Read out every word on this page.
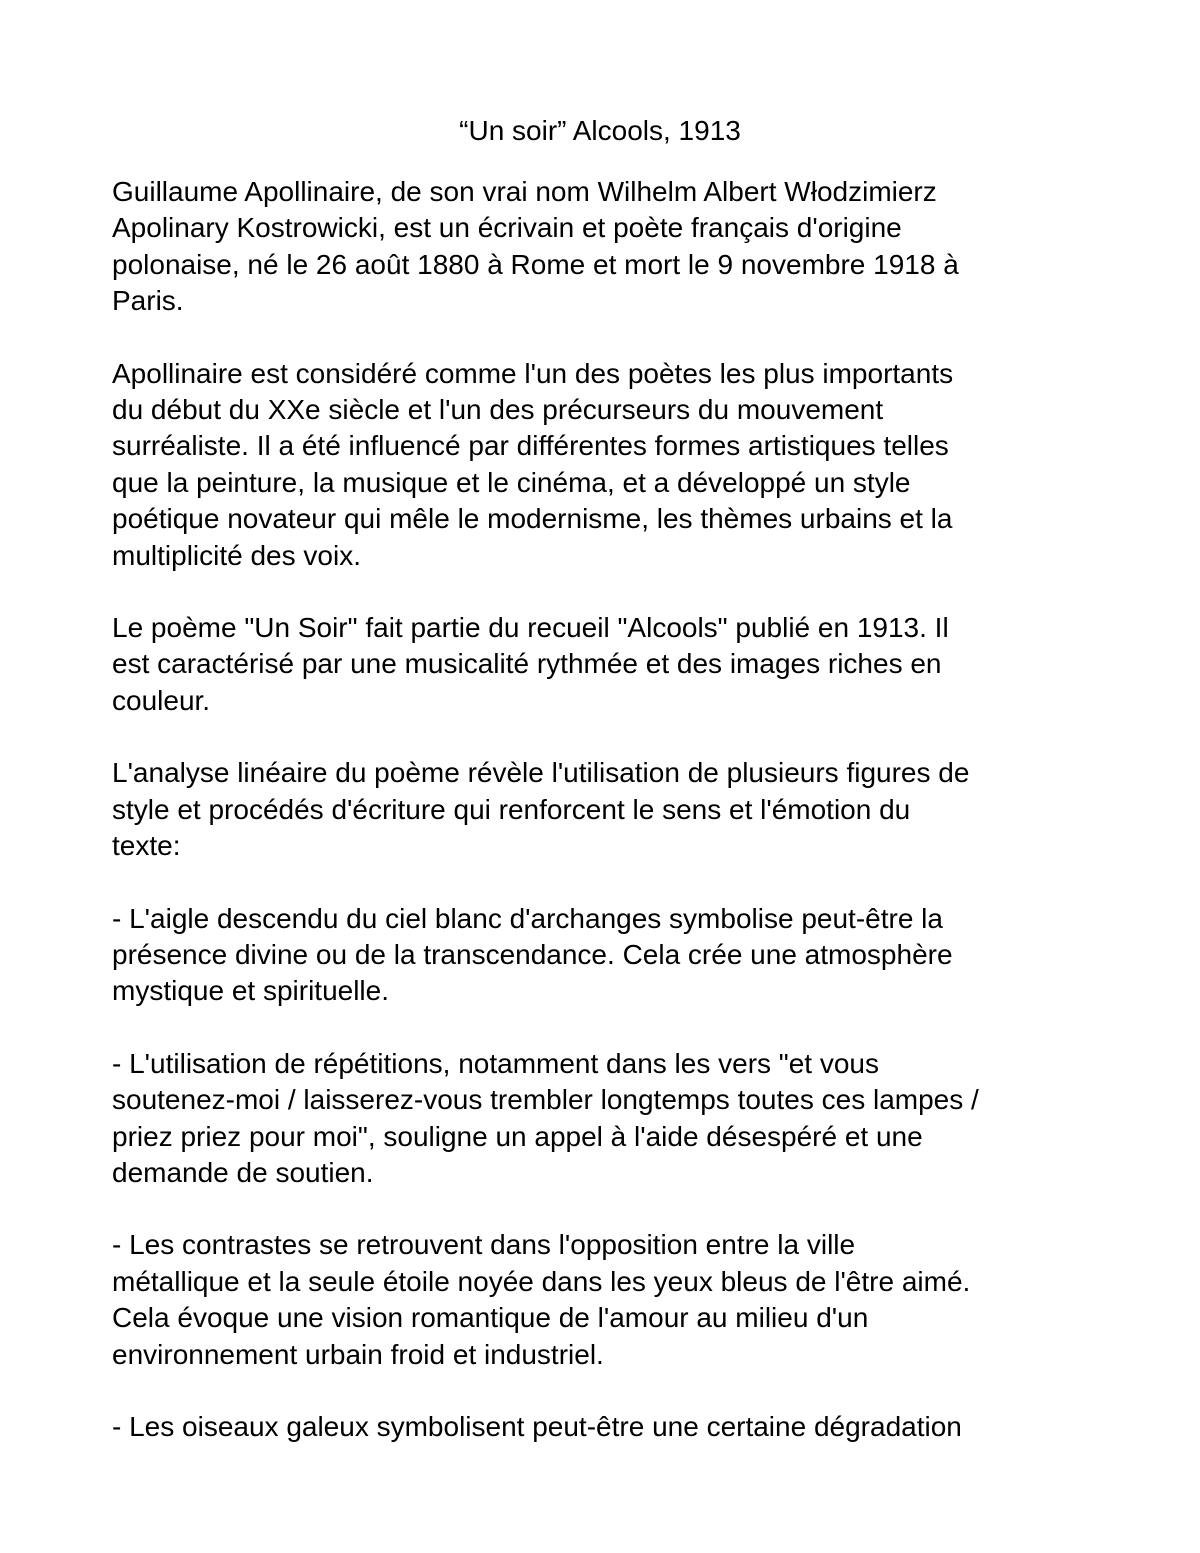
“Un soir” Alcools, 1913

Guillaume Apollinaire, de son vrai nom Wilhelm Albert Włodzimierz
Apolinary Kostrowicki, est un écrivain et poète français d'origine
polonaise, né le 26 août 1880 à Rome et mort le 9 novembre 1918 à
Paris.

Apollinaire est considéré comme l'un des poètes les plus importants
du début du XXe siècle et l'un des précurseurs du mouvement
surréaliste. Il a été influencé par différentes formes artistiques telles
que la peinture, la musique et le cinéma, et a développé un style
poétique novateur qui mêle le modernisme, les thèmes urbains et la
multiplicité des voix.

Le poème "Un Soir" fait partie du recueil "Alcools" publié en 1913. Il
est caractérisé par une musicalité rythmée et des images riches en
couleur.

L'analyse linéaire du poème révèle l'utilisation de plusieurs figures de
style et procédés d'écriture qui renforcent le sens et l'émotion du
texte:

- L'aigle descendu du ciel blanc d'archanges symbolise peut-être la
présence divine ou de la transcendance. Cela crée une atmosphère
mystique et spirituelle.

- L'utilisation de répétitions, notamment dans les vers "et vous
soutenez-moi / laisserez-vous trembler longtemps toutes ces lampes /
priez priez pour moi", souligne un appel à l'aide désespéré et une
demande de soutien.

- Les contrastes se retrouvent dans l'opposition entre la ville
métallique et la seule étoile noyée dans les yeux bleus de l'être aimé.
Cela évoque une vision romantique de l'amour au milieu d'un
environnement urbain froid et industriel.

- Les oiseaux galeux symbolisent peut-être une certaine dégradation
